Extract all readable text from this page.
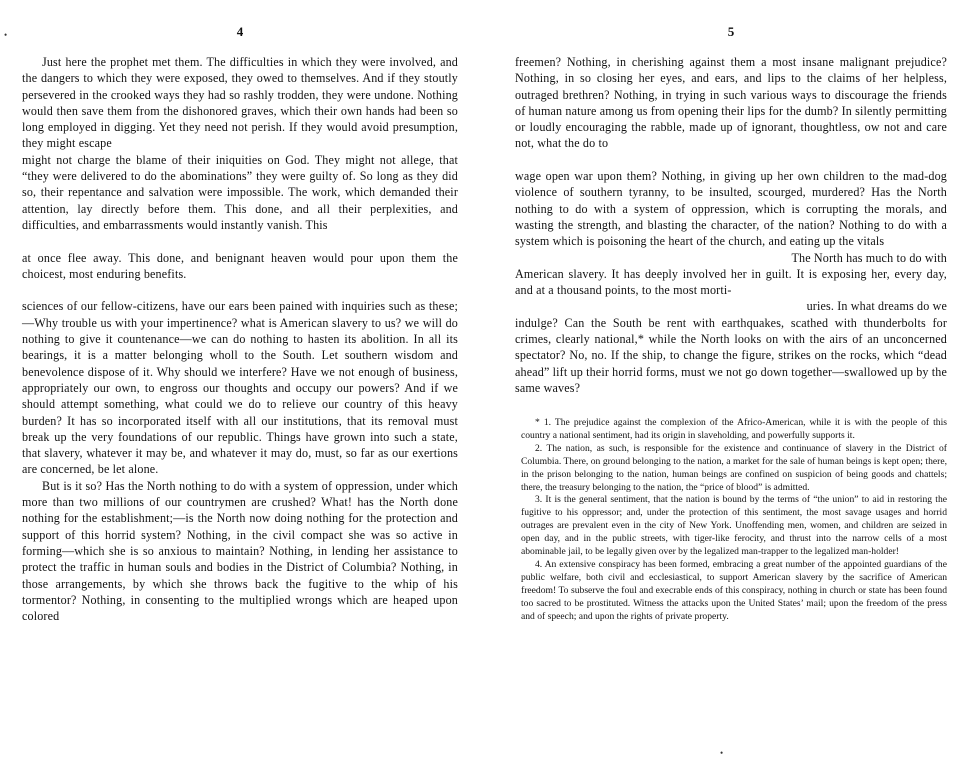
4

Just here the prophet met them. The difficulties in which they were involved, and the dangers to which they were exposed, they owed to themselves. And if they stoutly persevered in the crooked ways they had so rashly trodden, they were undone. Nothing would then save them from the dishonored graves, which their own hands had been so long employed in digging. Yet they need not perish. If they would avoid presumption, they might escape

might not charge the blame of their iniquities on God. They might not allege, that “they were delivered to do the abominations” they were guilty of. So long as they did so, their repentance and salvation were impossible. The work, which demanded their attention, lay directly before them. This done, and all their perplexities, and difficulties, and embarrassments would instantly vanish. This

at once flee away. This done, and benignant heaven would pour upon them the choicest, most enduring benefits.

sciences of our fellow-citizens, have our ears been pained with inquiries such as these;—Why trouble us with your impertinence? what is American slavery to us? we will do nothing to give it countenance—we can do nothing to hasten its abolition. In all its bearings, it is a matter belonging wholl to the South. Let southern wisdom and benevolence dispose of it. Why should we interfere? Have we not enough of business, appropriately our own, to engross our thoughts and occupy our powers? And if we should attempt something, what could we do to relieve our country of this heavy burden? It has so incorporated itself with all our institutions, that its removal must break up the very foundations of our republic. Things have grown into such a state, that slavery, whatever it may be, and whatever it may do, must, so far as our exertions are concerned, be let alone.

But is it so? Has the North nothing to do with a system of oppression, under which more than two millions of our countrymen are crushed? What! has the North done nothing for the establishment;—is the North now doing nothing for the protection and support of this horrid system? Nothing, in the civil compact she was so active in forming—which she is so anxious to maintain? Nothing, in lending her assistance to protect the traffic in human souls and bodies in the District of Columbia? Nothing, in those arrangements, by which she throws back the fugitive to the whip of his tormentor? Nothing, in consenting to the multiplied wrongs which are heaped upon colored

5

freemen? Nothing, in cherishing against them a most insane malignant prejudice? Nothing, in so closing her eyes, and ears, and lips to the claims of her helpless, outraged brethren? Nothing, in trying in such various ways to discourage the friends of human nature among us from opening their lips for the dumb? In silently permitting or loudly encouraging the rabble, made up of ignorant, thoughtless, ow not and care not, what the do to

wage open war upon them? Nothing, in giving up her own children to the mad-dog violence of southern tyranny, to be insulted, scourged, murdered? Has the North nothing to do with a system of oppression, which is corrupting the morals, and wasting the strength, and blasting the character, of the nation? Nothing to do with a system which is poisoning the heart of the church, and eating up the vitals

The North has much to do with

American slavery. It has deeply involved her in guilt. It is exposing her, every day, and at a thousand points, to the most morti-

uries. In what dreams do we

indulge? Can the South be rent with earthquakes, scathed with thunderbolts for crimes, clearly national,* while the North looks on with the airs of an unconcerned spectator? No, no. If the ship, to change the figure, strikes on the rocks, which “dead ahead” lift up their horrid forms, must we not go down together—swallowed up by the same waves?

* 1. The prejudice against the complexion of the Africo-American, while it is with the people of this country a national sentiment, had its origin in slaveholding, and powerfully supports it.

2. The nation, as such, is responsible for the existence and continuance of slavery in the District of Columbia. There, on ground belonging to the nation, a market for the sale of human beings is kept open; there, in the prison belonging to the nation, human beings are confined on suspicion of being goods and chattels; there, the treasury belonging to the nation, the “price of blood” is admitted.

3. It is the general sentiment, that the nation is bound by the terms of “the union” to aid in restoring the fugitive to his oppressor; and, under the protection of this sentiment, the most savage usages and horrid outrages are prevalent even in the city of New York. Unoffending men, women, and children are seized in open day, and in the public streets, with tiger-like ferocity, and thrust into the narrow cells of a most abominable jail, to be legally given over by the legalized man-trapper to the legalized man-holder!

4. An extensive conspiracy has been formed, embracing a great number of the appointed guardians of the public welfare, both civil and ecclesiastical, to support American slavery by the sacrifice of American freedom! To subserve the foul and execrable ends of this conspiracy, nothing in church or state has been found too sacred to be prostituted. Witness the attacks upon the United States’ mail; upon the freedom of the press and of speech; and upon the rights of private property.

•
•
